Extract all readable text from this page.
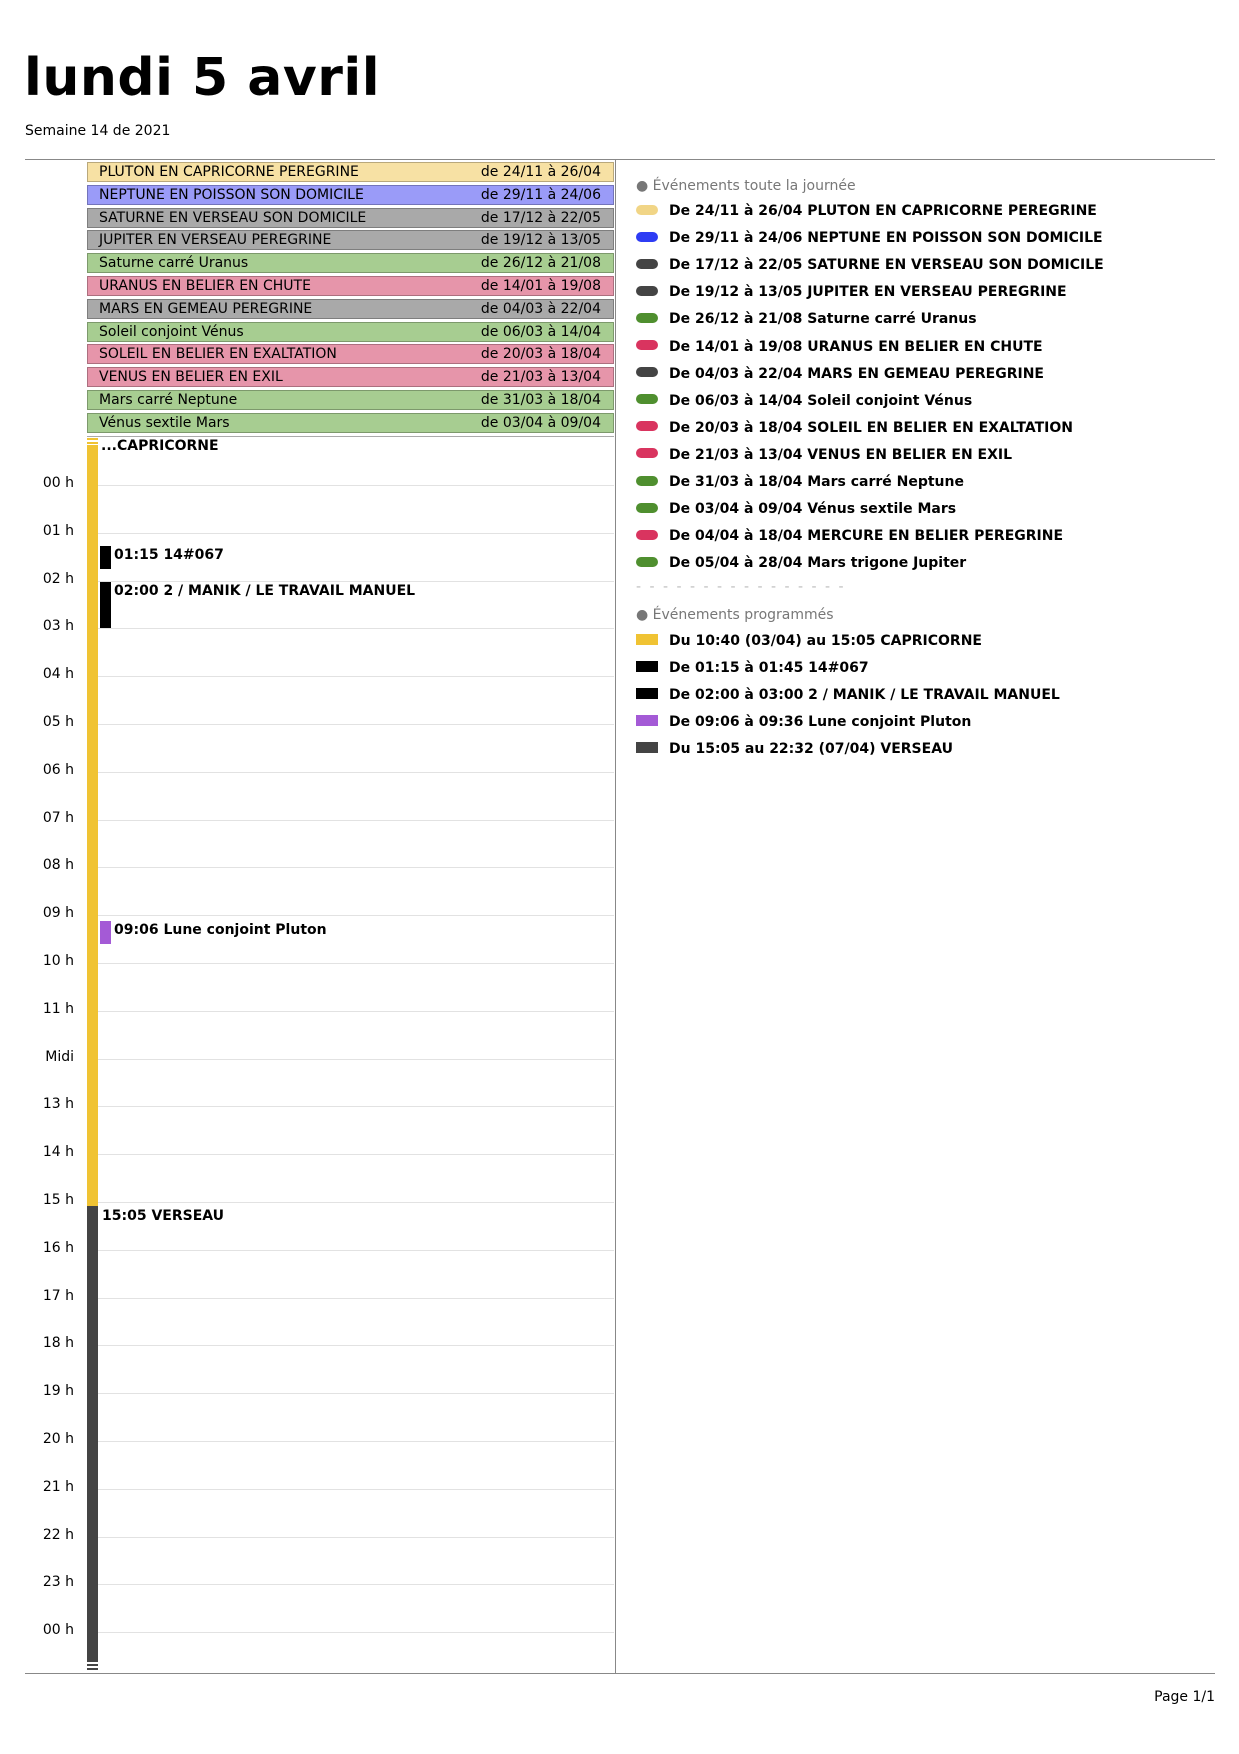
lundi 5 avril
Semaine 14 de 2021
PLUTON EN CAPRICORNE PEREGRINE	de 24/11 à 26/04
NEPTUNE EN POISSON SON DOMICILE	de 29/11 à 24/06
SATURNE EN VERSEAU SON DOMICILE	de 17/12 à 22/05
JUPITER EN VERSEAU PEREGRINE	de 19/12 à 13/05
Saturne carré Uranus	de 26/12 à 21/08
URANUS EN BELIER EN CHUTE	de 14/01 à 19/08
MARS EN GEMEAU PEREGRINE	de 04/03 à 22/04
Soleil conjoint Vénus	de 06/03 à 14/04
SOLEIL EN BELIER EN EXALTATION	de 20/03 à 18/04
VENUS EN BELIER EN EXIL	de 21/03 à 13/04
Mars carré Neptune	de 31/03 à 18/04
Vénus sextile Mars	de 03/04 à 09/04
00 h
01 h
02 h
03 h
04 h
05 h
06 h
07 h
08 h
09 h
10 h
11 h
Midi
13 h
14 h
15 h
16 h
17 h
18 h
19 h
20 h
21 h
22 h
23 h
00 h
...CAPRICORNE
01:15 14#067
02:00 2 / MANIK / LE TRAVAIL MANUEL
09:06 Lune conjoint Pluton
15:05 VERSEAU
● Événements toute la journée
De 24/11 à 26/04 PLUTON EN CAPRICORNE PEREGRINE
De 29/11 à 24/06 NEPTUNE EN POISSON SON DOMICILE
De 17/12 à 22/05 SATURNE EN VERSEAU SON DOMICILE
De 19/12 à 13/05 JUPITER EN VERSEAU PEREGRINE
De 26/12 à 21/08 Saturne carré Uranus
De 14/01 à 19/08 URANUS EN BELIER EN CHUTE
De 04/03 à 22/04 MARS EN GEMEAU PEREGRINE
De 06/03 à 14/04 Soleil conjoint Vénus
De 20/03 à 18/04 SOLEIL EN BELIER EN EXALTATION
De 21/03 à 13/04 VENUS EN BELIER EN EXIL
De 31/03 à 18/04 Mars carré Neptune
De 03/04 à 09/04 Vénus sextile Mars
De 04/04 à 18/04 MERCURE EN BELIER PEREGRINE
De 05/04 à 28/04 Mars trigone Jupiter
- - - - - - - - - - - - - - - -
● Événements programmés
Du 10:40 (03/04) au 15:05 CAPRICORNE
De 01:15 à 01:45 14#067
De 02:00 à 03:00 2 / MANIK / LE TRAVAIL MANUEL
De 09:06 à 09:36 Lune conjoint Pluton
Du 15:05 au 22:32 (07/04) VERSEAU
Page 1/1
